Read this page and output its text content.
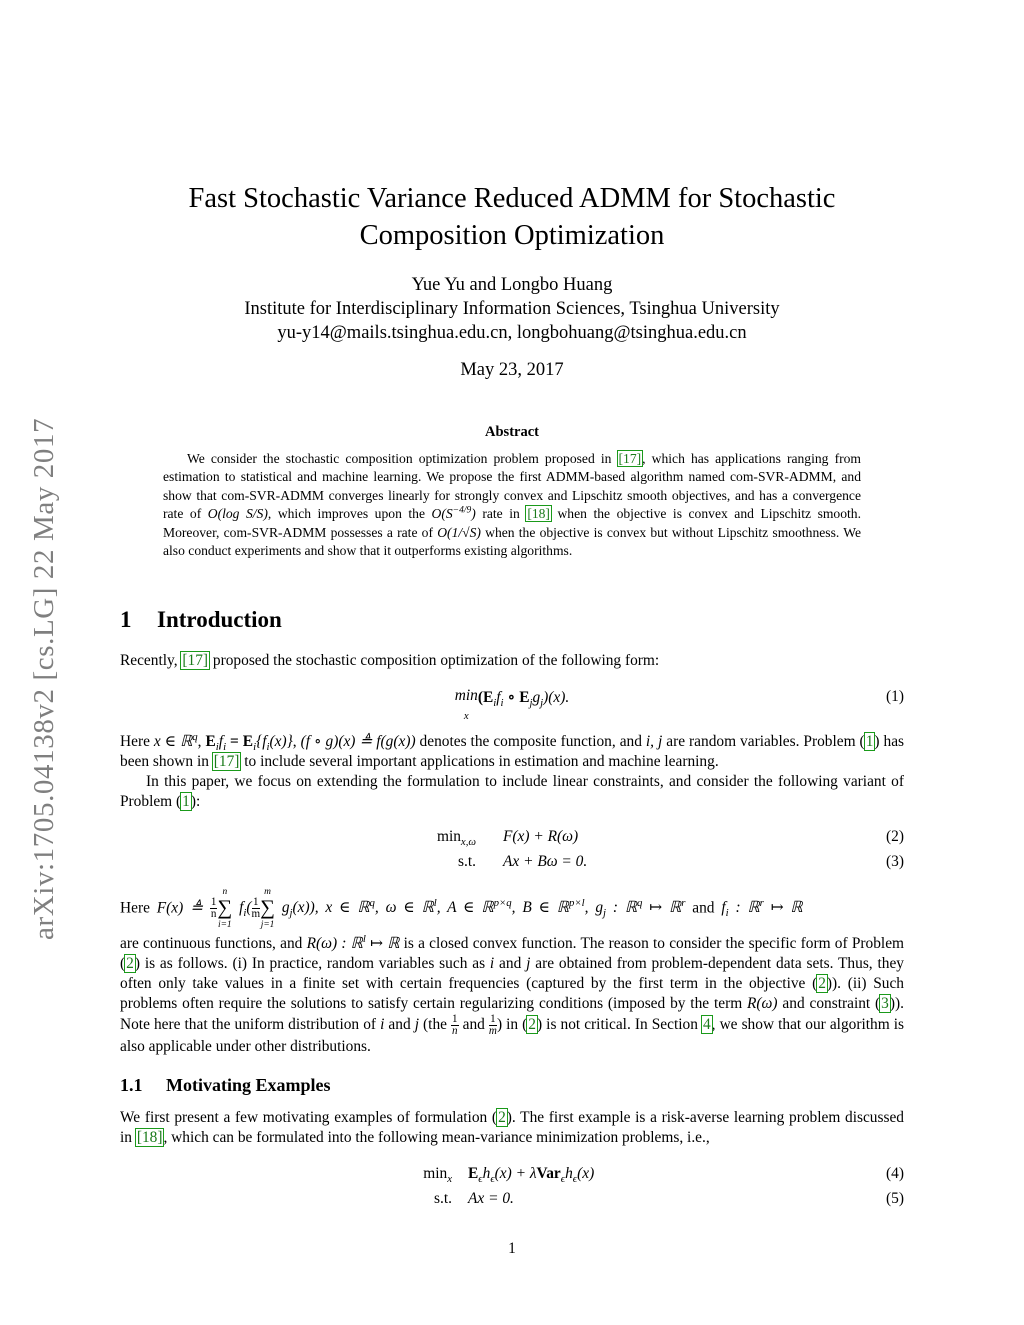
arXiv:1705.04138v2 [cs.LG] 22 May 2017
Fast Stochastic Variance Reduced ADMM for Stochastic
Composition Optimization
Yue Yu and Longbo Huang
Institute for Interdisciplinary Information Sciences, Tsinghua University
yu-y14@mails.tsinghua.edu.cn, longbohuang@tsinghua.edu.cn
May 23, 2017
Abstract

We consider the stochastic composition optimization problem proposed in [17], which has applications ranging from estimation to statistical and machine learning. We propose the first ADMM-based algorithm named com-SVR-ADMM, and show that com-SVR-ADMM converges linearly for strongly convex and Lipschitz smooth objectives, and has a convergence rate of O(log S/S), which improves upon the $O(S^{-4/9})$ rate in [18] when the objective is convex and Lipschitz smooth. Moreover, com-SVR-ADMM possesses a rate of O(1/√S) when the objective is convex but without Lipschitz smoothness. We also conduct experiments and show that it outperforms existing algorithms.

1 Introduction

Recently, [17] proposed the stochastic composition optimization of the following form:

min
$_x(E_if_i$ ∘ $E_jg_j)(x)$.	(1)

Here x ∈ ℝ$^q$, $E_if_i = E_i\{f_i(x)\}$, (f ∘ g)(x) ≜ f(g(x)) denotes the composite function, and i, j are random variables. Problem (1) has been shown in [17] to include several important applications in estimation and machine learning.

In this paper, we focus on extending the formulation to include linear constraints, and consider the following variant of Problem (1):

$\min_{x,\omega} F(x) + R(\omega)$	(2)
s.t. Ax + Bω = 0.	(3)

Here F(x) ≜ $\frac{1}{n}$
n
∑
i=1
$f_i( \frac{1}{m}$
m
∑
j=1
$g_j(x)$), x ∈ ℝ$^q$, ω ∈ ℝ$^l$, A ∈ ℝ$^{p\times q}$, B ∈ ℝ$^{p\times l}$, $g_j$ : ℝ$^q$ ↦ ℝ$^r$ and $f_i$ : ℝ$^r$ ↦ ℝ

are continuous functions, and R(ω) : ℝ$^l$ ↦ ℝ is a closed convex function. The reason to consider the specific form of Problem (2) is as follows. (i) In practice, random variables such as i and j are obtained from problem-dependent data sets. Thus, they often only take values in a finite set with certain frequencies (captured by the first term in the objective (2)). (ii) Such problems often require the solutions to satisfy certain regularizing conditions (imposed by the term R(ω) and constraint (3)). Note here that the uniform distribution of i and j ($the \frac{1}{n}$ and $\frac{1}{m}$ ) in (2) is not critical. In Section 4, we show that our algorithm is also applicable under other distributions.

1.1 Motivating Examples

We first present a few motivating examples of formulation (2). The first example is a risk-averse learning problem discussed in [18], which can be formulated into the following mean-variance minimization problems, i.e.,

$\min_x E_\epsilon h_\epsilon(x) + \lambda Var_\epsilon h_\epsilon(x)$	(4)
s.t. Ax = 0.	(5)
1
